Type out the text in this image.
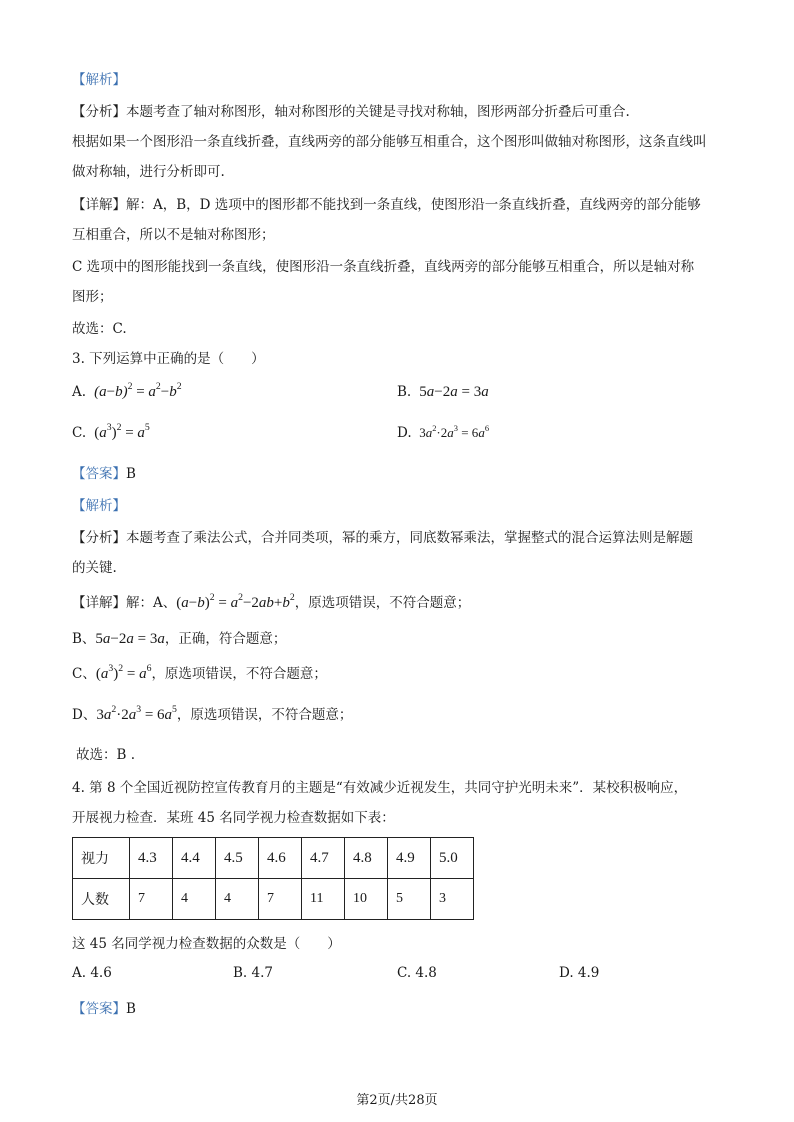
【解析】
【分析】本题考查了轴对称图形，轴对称图形的关键是寻找对称轴，图形两部分折叠后可重合.
根据如果一个图形沿一条直线折叠，直线两旁的部分能够互相重合，这个图形叫做轴对称图形，这条直线叫
做对称轴，进行分析即可.
【详解】解：A，B，D 选项中的图形都不能找到一条直线，使图形沿一条直线折叠，直线两旁的部分能够
互相重合，所以不是轴对称图形；
C 选项中的图形能找到一条直线，使图形沿一条直线折叠，直线两旁的部分能够互相重合，所以是轴对称
图形；
故选：C.
3. 下列运算中正确的是（　　）
A.  $(a-b)^2 = a^2-b^2$	B. 5a−2a = 3a
C. $(a^3)^2 = a^5$	D. $3a^2\cdot 2a^3 = 6a^6$
【答案】B
【解析】
【分析】本题考查了乘法公式，合并同类项，幂的乘方，同底数幂乘法，掌握整式的混合运算法则是解题
的关键.
【详解】解：A、$(a-b)^2 = a^2-2ab+b^2$，原选项错误，不符合题意；
B、5a−2a = 3a，正确，符合题意；
C、$(a^3)^2 = a^6$，原选项错误，不符合题意；
D、$3a^2\cdot 2a^3 = 6a^5$，原选项错误，不符合题意；
故选：B .
4. 第 8 个全国近视防控宣传教育月的主题是“有效减少近视发生，共同守护光明未来”．某校积极响应，
开展视力检查．某班 45 名同学视力检查数据如下表：
视力	4.3	4.4	4.5	4.6	4.7	4.8	4.9	5.0
人数	7	4	4	7	11	10	5	3
这 45 名同学视力检查数据的众数是（　　）
A. 4.6	B. 4.7	C. 4.8	D. 4.9
【答案】B
第2页/共28页
